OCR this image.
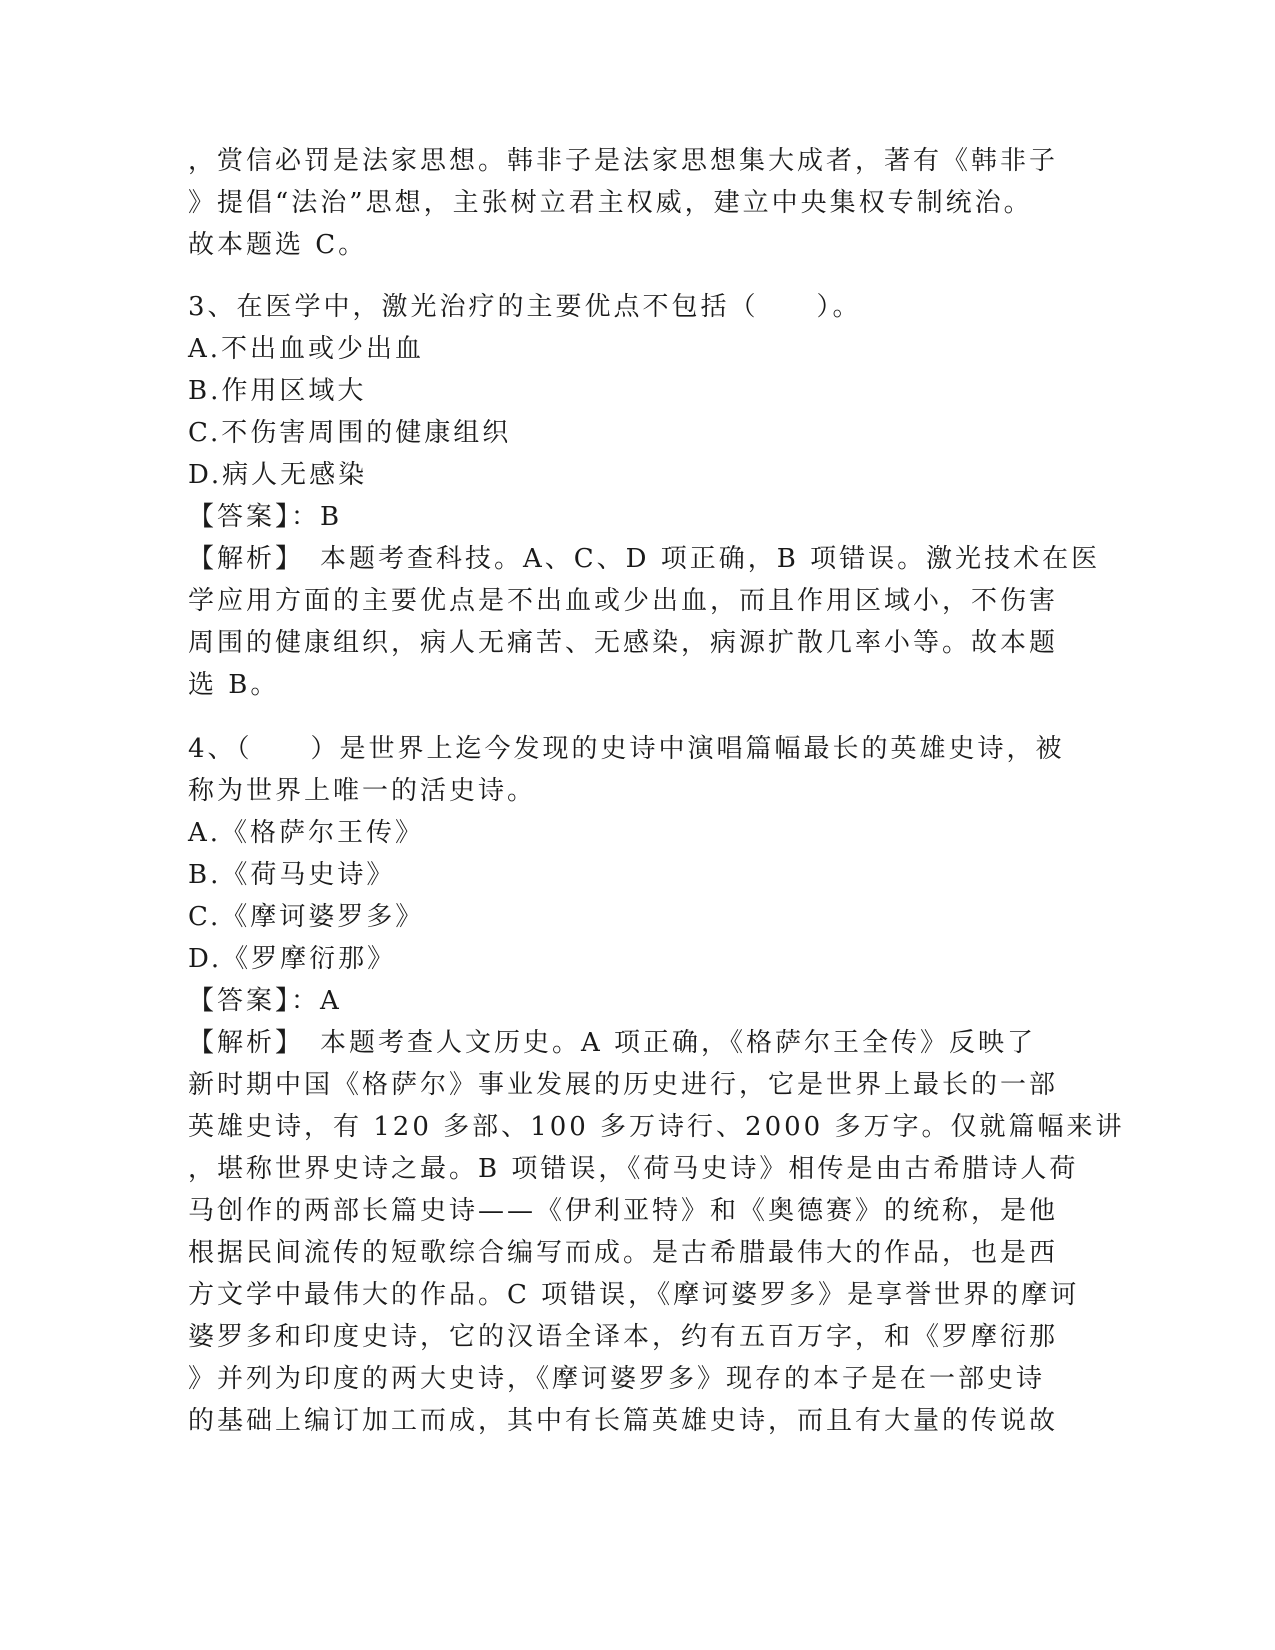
，赏信必罚是法家思想。韩非子是法家思想集大成者，著有《韩非子
》提倡“法治”思想，主张树立君主权威，建立中央集权专制统治。
故本题选 C。
3、在医学中，激光治疗的主要优点不包括（　　）。
A.不出血或少出血
B.作用区域大
C.不伤害周围的健康组织
D.病人无感染
【答案】：B
【解析】　本题考查科技。A、C、D 项正确，B 项错误。激光技术在医
学应用方面的主要优点是不出血或少出血，而且作用区域小，不伤害
周围的健康组织，病人无痛苦、无感染，病源扩散几率小等。故本题
选 B。
4、（　　）是世界上迄今发现的史诗中演唱篇幅最长的英雄史诗，被
称为世界上唯一的活史诗。
A.《格萨尔王传》
B.《荷马史诗》
C.《摩诃婆罗多》
D.《罗摩衍那》
【答案】：A
【解析】　本题考查人文历史。A 项正确，《格萨尔王全传》反映了
新时期中国《格萨尔》事业发展的历史进行，它是世界上最长的一部
英雄史诗，有 120 多部、100 多万诗行、2000 多万字。仅就篇幅来讲
，堪称世界史诗之最。B 项错误，《荷马史诗》相传是由古希腊诗人荷
马创作的两部长篇史诗——《伊利亚特》和《奥德赛》的统称，是他
根据民间流传的短歌综合编写而成。是古希腊最伟大的作品，也是西
方文学中最伟大的作品。C 项错误，《摩诃婆罗多》是享誉世界的摩诃
婆罗多和印度史诗，它的汉语全译本，约有五百万字，和《罗摩衍那
》并列为印度的两大史诗，《摩诃婆罗多》现存的本子是在一部史诗
的基础上编订加工而成，其中有长篇英雄史诗，而且有大量的传说故
